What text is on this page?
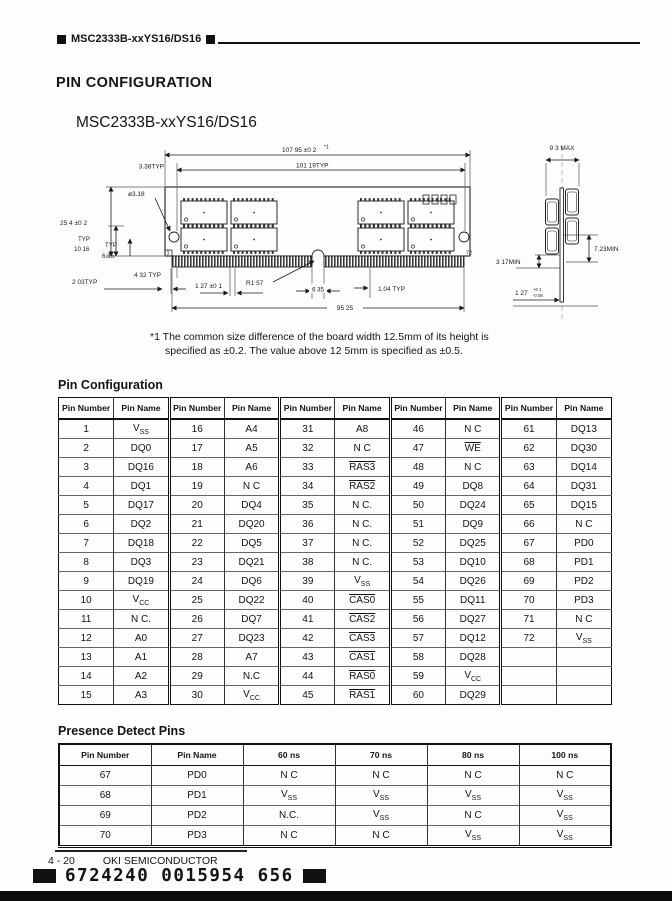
MSC2333B-xxYS16/DS16
PIN CONFIGURATION
MSC2333B-xxYS16/DS16
1	72
107 95 ±0 2 *1
101 19TYP
3.38TYP
ø3.18
25 4 ±0 2
TYP
10 16
TYP
6.35
2 03TYP
4 32 TYP
1 27 ±0 1	R1 57
6 35	1.04 TYP
95 25
9 3 MAX
7.23MIN
3 17MIN
1 27
+0 1
-0 08
*1 The common size difference of the board width 12.5mm of its height is
specified as ±0.2. The value above 12 5mm is specified as ±0.5.
Pin Configuration
Pin Number	Pin Name	Pin Number	Pin Name	Pin Number	Pin Name	Pin Number	Pin Name	Pin Number	Pin Name
1	$V_{SS}$	16	A4	31	A8	46	N C	61	DQ13
2	DQ0	17	A5	32	N C	47	$\overline{WE}$	62	DQ30
3	DQ16	18	A6	33	RAS3	48	N C	63	DQ14
4	DQ1	19	N C	34	RAS2	49	DQ8	64	DQ31
5	DQ17	20	DQ4	35	N C.	50	DQ24	65	DQ15
6	DQ2	21	DQ20	36	N C.	51	DQ9	66	N C
7	DQ18	22	DQ5	37	N C.	52	DQ25	67	PD0
8	DQ3	23	DQ21	38	N C.	53	DQ10	68	PD1
9	DQ19	24	DQ6	39	$V_{SS}$	54	DQ26	69	PD2
10	$V_{CC}$	25	DQ22	40	CAS0	55	DQ11	70	PD3
11	N C.	26	DQ7	41	CAS2	56	DQ27	71	N C
12	A0	27	DQ23	42	CAS3	57	DQ12	72	$V_{SS}$
13	A1	28	A7	43	CAS1	58	DQ28		
14	A2	29	N.C	44	RAS0	59	$V_{CC}$		
15	A3	30	$V_{CC}$	45	RAS1	60	DQ29		
Presence Detect Pins
Pin Number	Pin Name	60 ns	70 ns	80 ns	100 ns
67	PD0	N C	N C	N C	N C
68	PD1	$V_{SS}$	$V_{SS}$	$V_{SS}$	$V_{SS}$
69	PD2	N.C.	$V_{SS}$	N C	$V_{SS}$
70	PD3	N C	N C	$V_{SS}$	$V_{SS}$
4 - 20	OKI SEMICONDUCTOR
6724240 0015954 656
